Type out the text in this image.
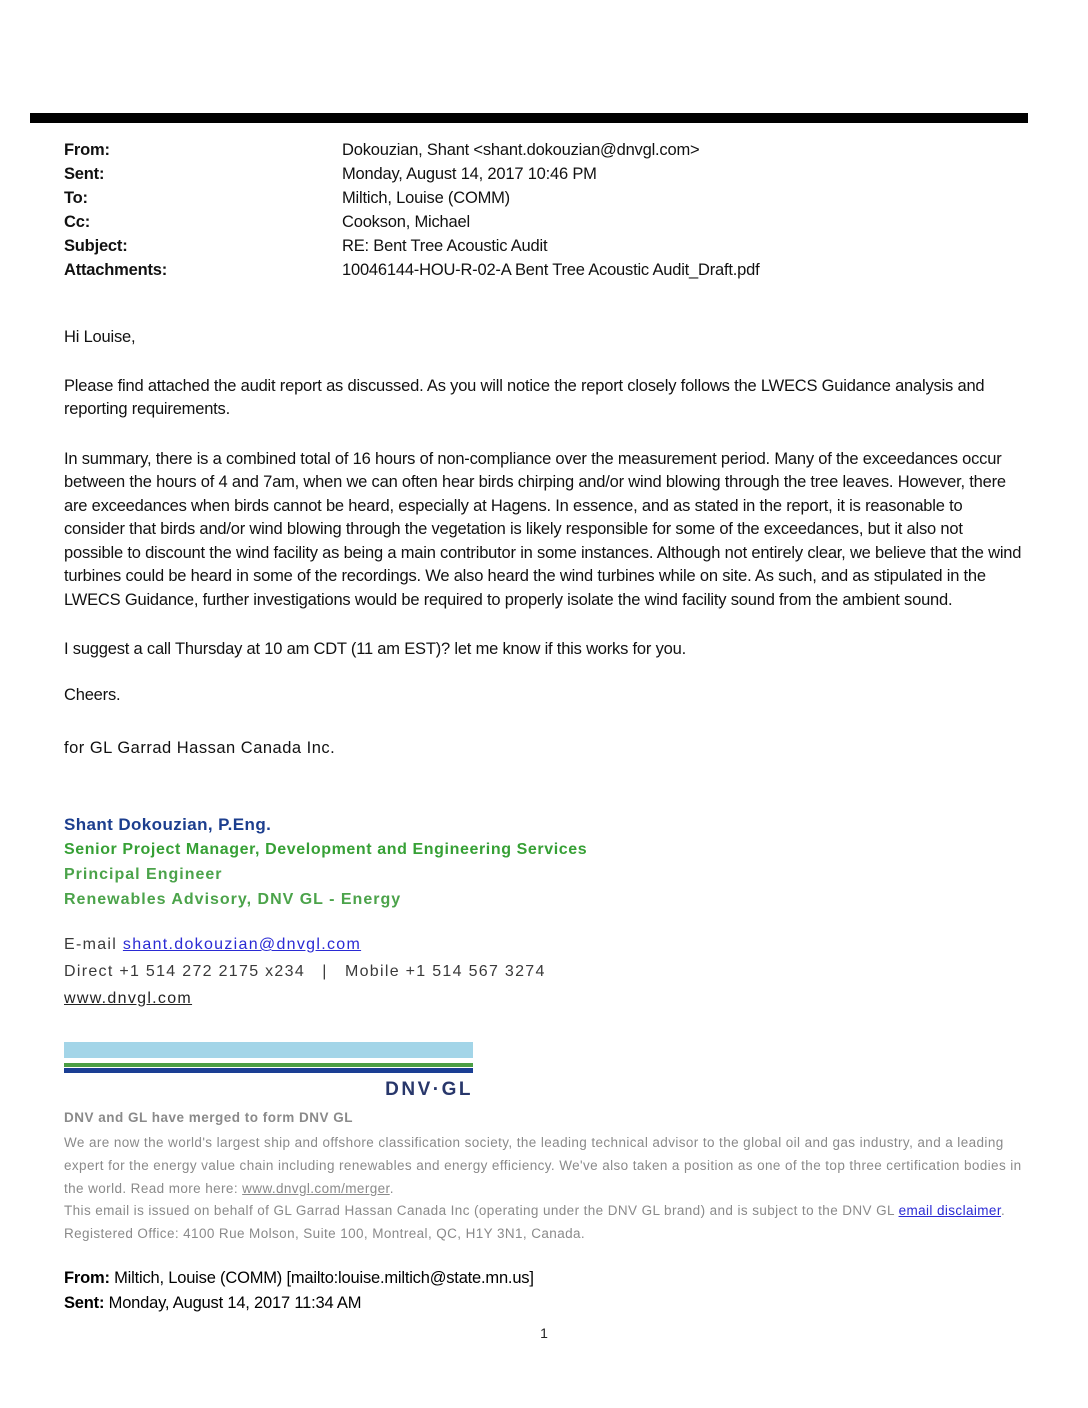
From:	Dokouzian, Shant <shant.dokouzian@dnvgl.com>
Sent:	Monday, August 14, 2017 10:46 PM
To:	Miltich, Louise (COMM)
Cc:	Cookson, Michael
Subject:	RE: Bent Tree Acoustic Audit
Attachments:	10046144-HOU-R-02-A Bent Tree Acoustic Audit_Draft.pdf

Hi Louise,

Please find attached the audit report as discussed. As you will notice the report closely follows the LWECS Guidance analysis and reporting requirements.

In summary, there is a combined total of 16 hours of non-compliance over the measurement period. Many of the exceedances occur between the hours of 4 and 7am, when we can often hear birds chirping and/or wind blowing through the tree leaves. However, there are exceedances when birds cannot be heard, especially at Hagens. In essence, and as stated in the report, it is reasonable to consider that birds and/or wind blowing through the vegetation is likely responsible for some of the exceedances, but it also not possible to discount the wind facility as being a main contributor in some instances. Although not entirely clear, we believe that the wind turbines could be heard in some of the recordings. We also heard the wind turbines while on site. As such, and as stipulated in the LWECS Guidance, further investigations would be required to properly isolate the wind facility sound from the ambient sound.

I suggest a call Thursday at 10 am CDT (11 am EST)? let me know if this works for you.

Cheers.

for GL Garrad Hassan Canada Inc.

Shant Dokouzian, P.Eng.
Senior Project Manager, Development and Engineering Services
Principal Engineer
Renewables Advisory, DNV GL - Energy
E-mail shant.dokouzian@dnvgl.com
Direct +1 514 272 2175 x234   |   Mobile +1 514 567 3274
www.dnvgl.com
DNV·GL
DNV and GL have merged to form DNV GL
We are now the world's largest ship and offshore classification society, the leading technical advisor to the global oil and gas industry, and a leading expert for the energy value chain including renewables and energy efficiency. We've also taken a position as one of the top three certification bodies in the world. Read more here: www.dnvgl.com/merger.
This email is issued on behalf of GL Garrad Hassan Canada Inc (operating under the DNV GL brand) and is subject to the DNV GL email disclaimer.
Registered Office: 4100 Rue Molson, Suite 100, Montreal, QC, H1Y 3N1, Canada.
From: Miltich, Louise (COMM) [mailto:louise.miltich@state.mn.us]
Sent: Monday, August 14, 2017 11:34 AM
1
